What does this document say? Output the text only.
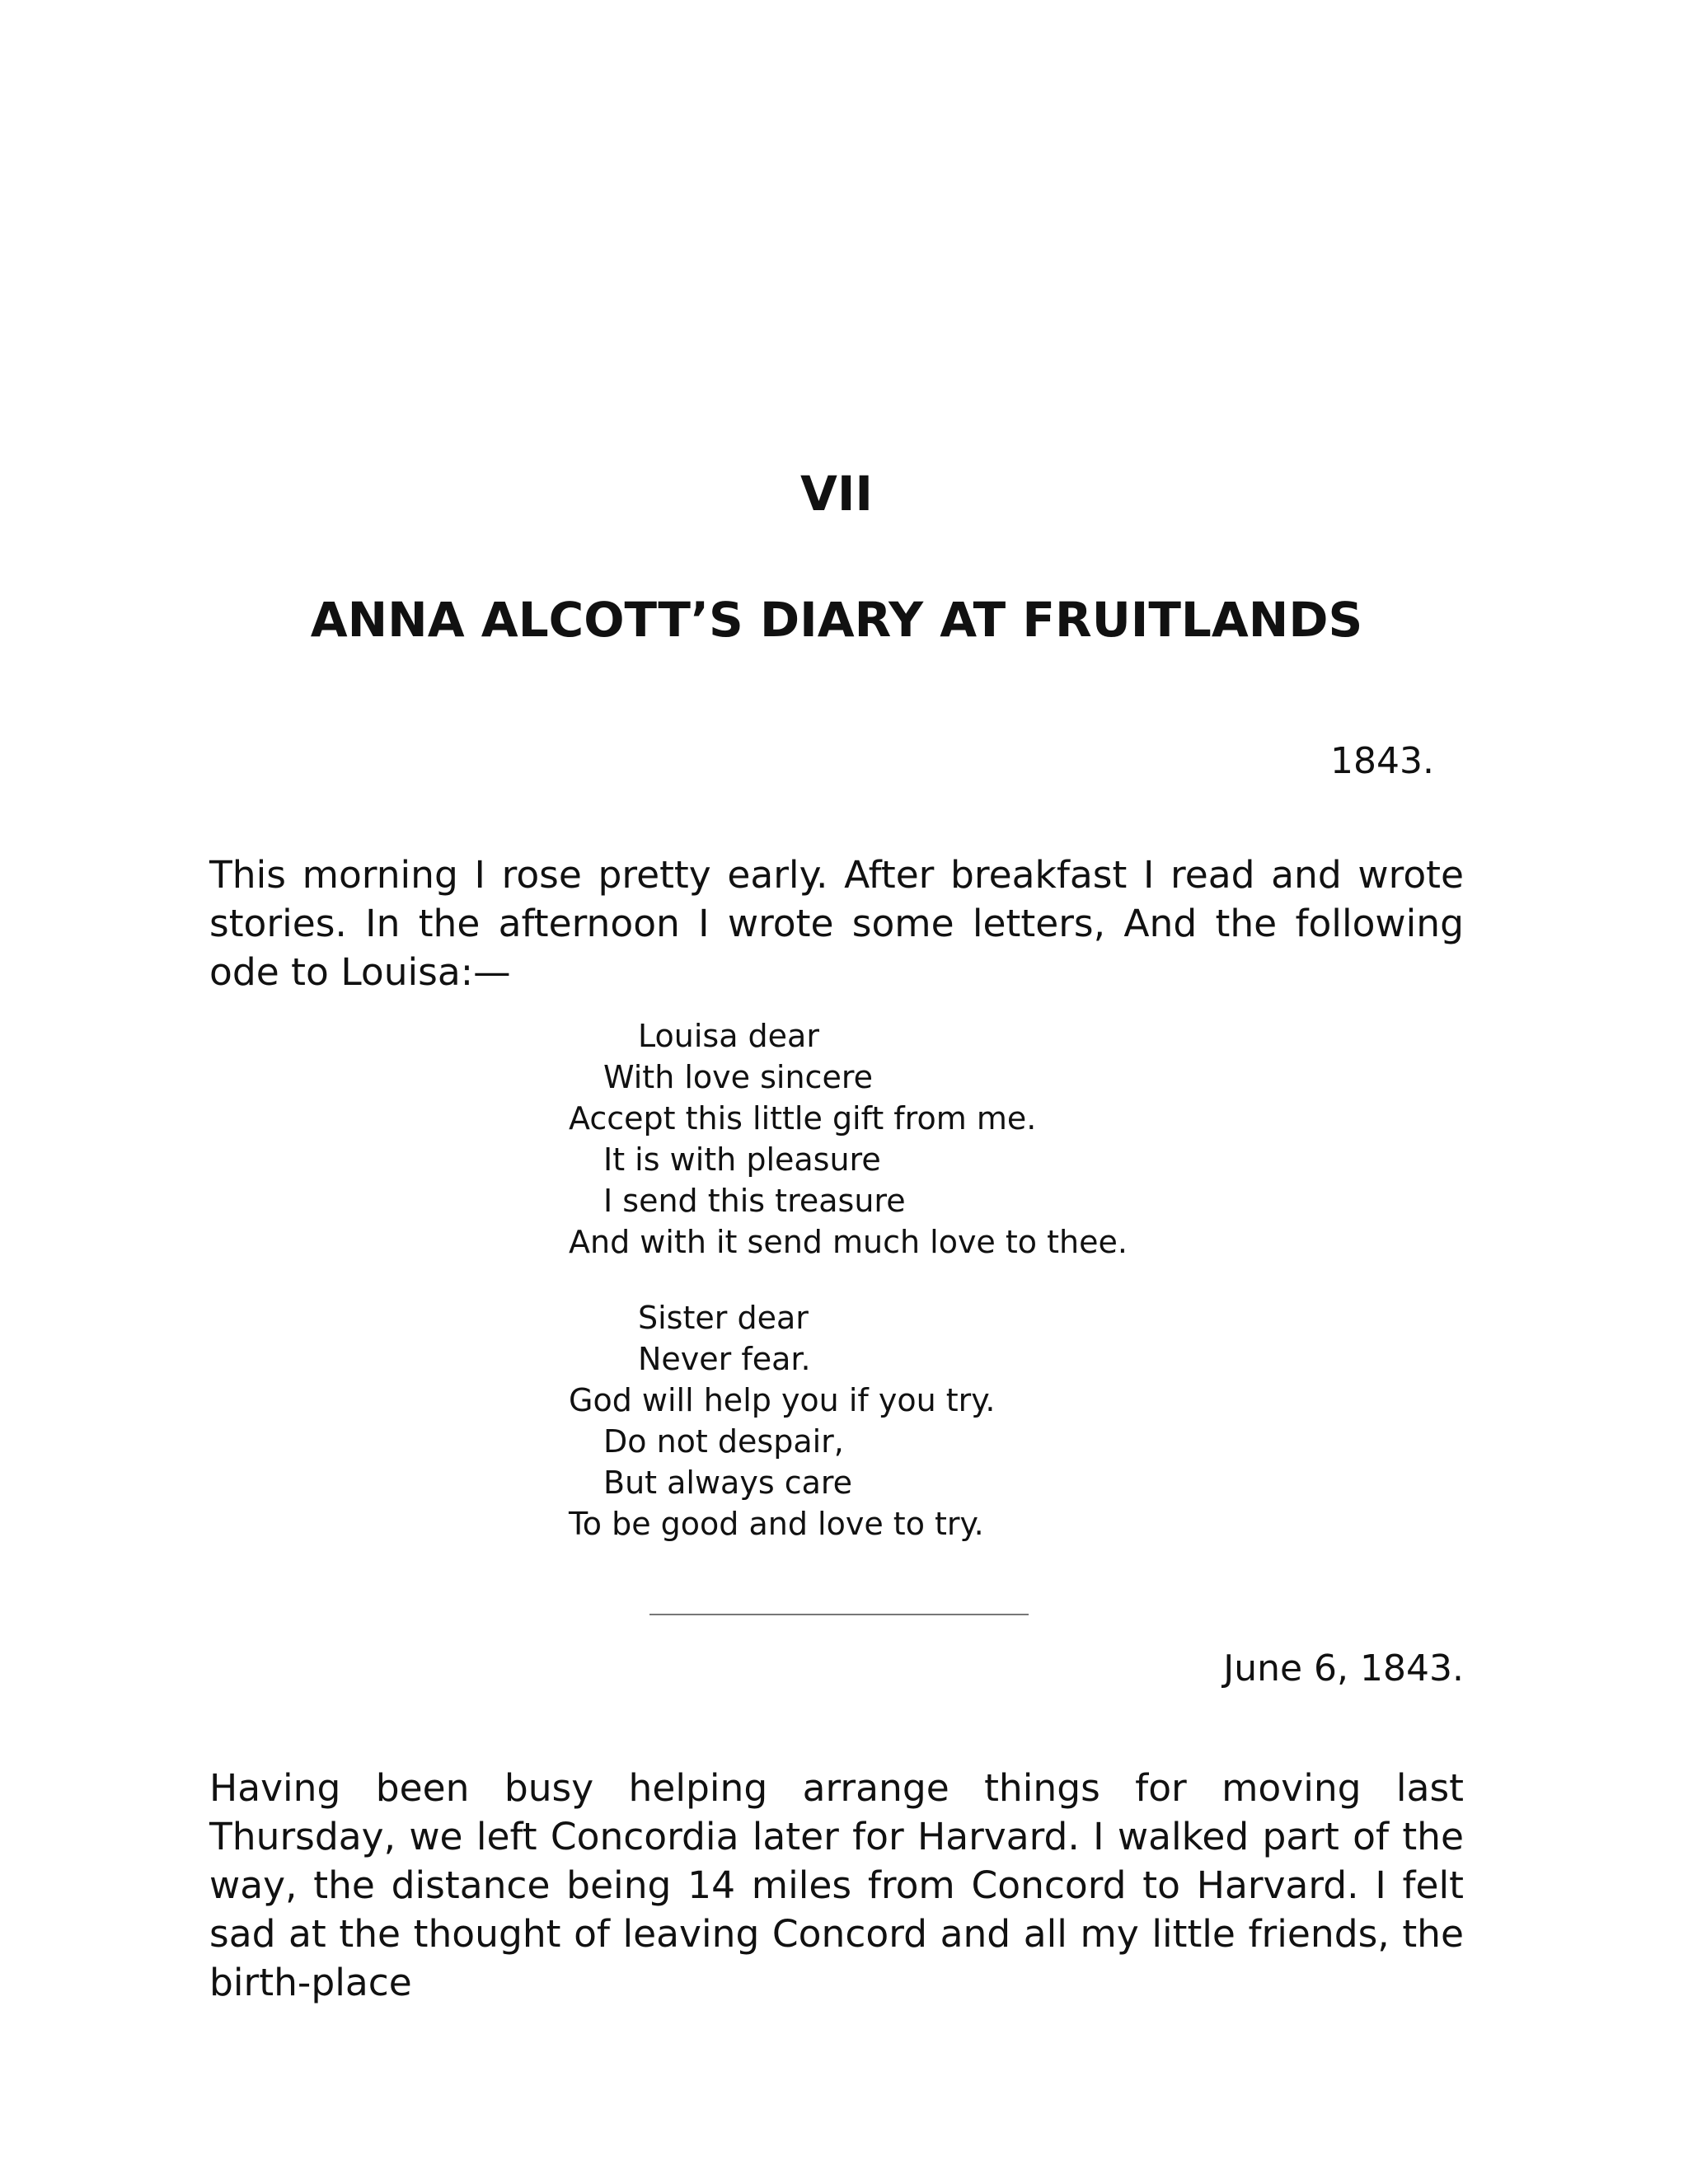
VII
ANNA ALCOTT’S DIARY AT FRUITLANDS

1843.

This morning I rose pretty early. After breakfast I read and wrote stories. In the afternoon I wrote some letters, And the following ode to Louisa:—

Louisa dear
With love sincere
Accept this little gift from me.
It is with pleasure
I send this treasure
And with it send much love to thee.
Sister dear
Never fear.
God will help you if you try.
Do not despair,
But always care
To be good and love to try.

June 6, 1843.

Having been busy helping arrange things for moving last Thursday, we left Concordia later for Harvard. I walked part of the way, the distance being 14 miles from Concord to Harvard. I felt sad at the thought of leaving Concord and all my little friends, the birth-place
